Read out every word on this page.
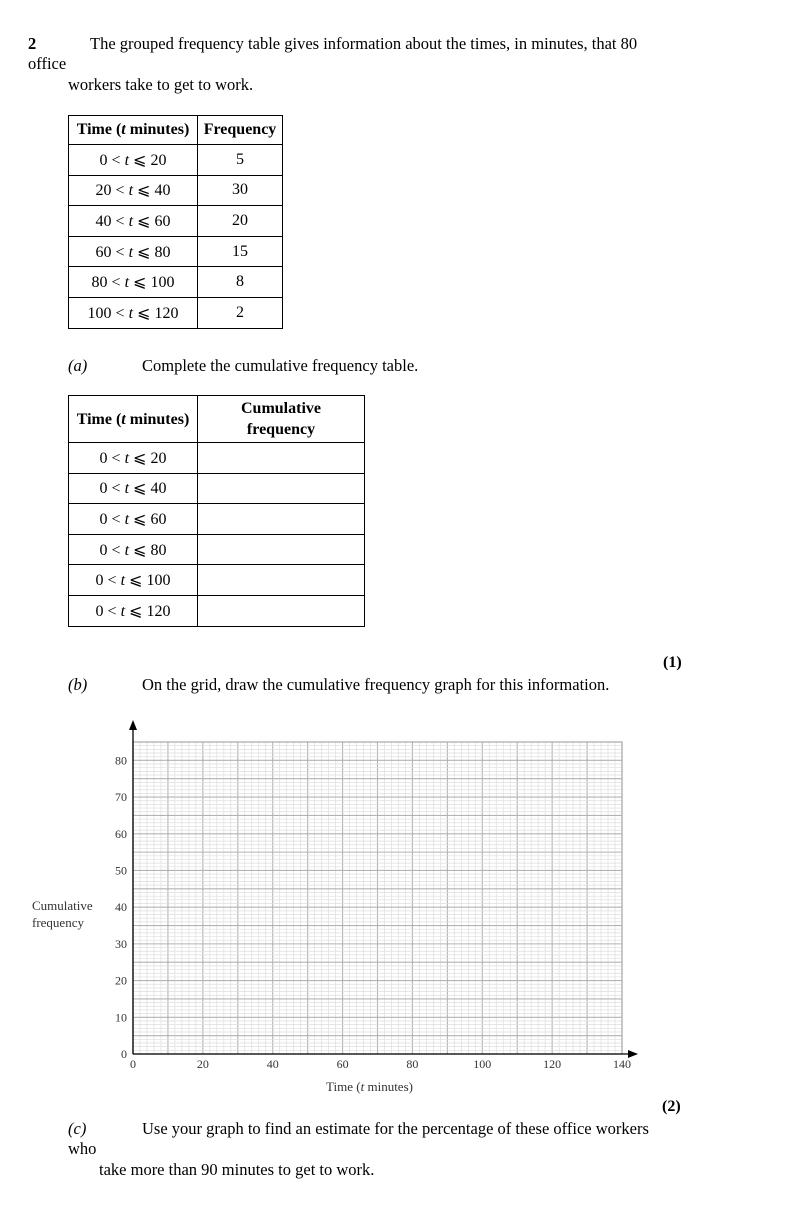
2	The grouped frequency table gives information about the times, in minutes, that 80
office
workers take to get to work.
Time (t minutes)	Frequency
0 < t ⩽ 20	5
20 < t ⩽ 40	30
40 < t ⩽ 60	20
60 < t ⩽ 80	15
80 < t ⩽ 100	8
100 < t ⩽ 120	2
(a)	Complete the cumulative frequency table.
Time (t minutes)	Cumulative
frequency
0 < t ⩽ 20	
0 < t ⩽ 40	
0 < t ⩽ 60	
0 < t ⩽ 80	
0 < t ⩽ 100	
0 < t ⩽ 120	
(1)
(b)	On the grid, draw the cumulative frequency graph for this information.
0
10
20
30
40
50
60
70
80
0	20	40	60	80	100	120	140
Time (t minutes)
Cumulative
frequency
(2)
(c)	Use your graph to find an estimate for the percentage of these office workers
who
take more than 90 minutes to get to work.
